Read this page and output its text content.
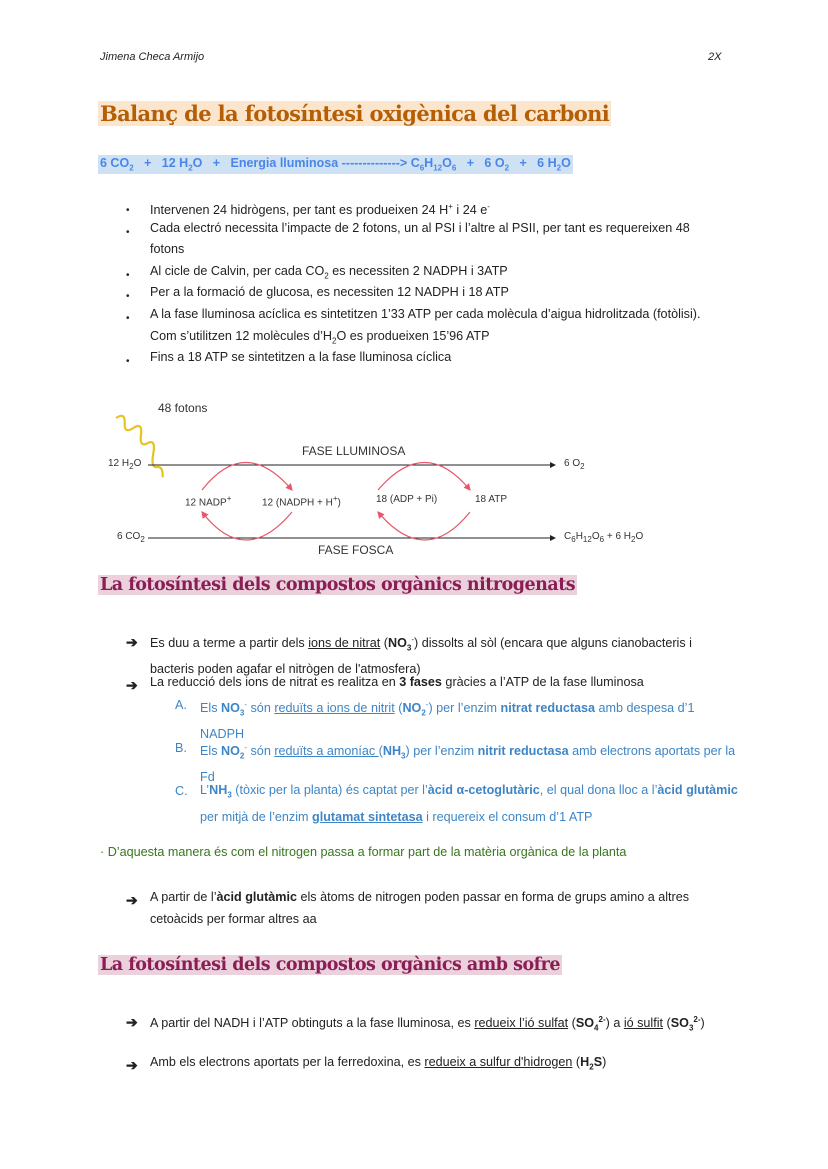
Jimena Checa Armijo	2X
Balanç de la fotosíntesi oxigènica del carboni
6 $CO_2 + 12$ $H_2O$   +   Energia lluminosa --------------> $C_6H_{12}O_6 + 6$ $O_2 + 6$ $H_2O$
• Intervenen 24 hidrògens, per tant es produeixen 24 H+ i 24 e-
• Cada electró necessita l’impacte de 2 fotons, un al PSI i l’altre al PSII, per tant es requereixen 48 fotons
• Al cicle de Calvin, per cada $CO_2$ es necessiten 2 NADPH i 3ATP
• Per a la formació de glucosa, es necessiten 12 NADPH i 18 ATP
• A la fase lluminosa acíclica es sintetitzen 1’33 ATP per cada molècula d’aigua hidrolitzada (fotòlisi). Com s’utilitzen 12 molècules $d’H_2O$ es produeixen 15’96 ATP
• Fins a 18 ATP se sintetitzen a la fase lluminosa cíclica
48 fotons
FASE LLUMINOSA
FASE FOSCA
12 $H_2O$	6 $O_2$
6 $CO_2$	$C_6H_{12}O_6 + 6$ $H_2O$
12 NADP+	12 (NADPH + H+)	18 (ADP + Pi)	18 ATP
La fotosíntesi dels compostos orgànics nitrogenats
➔ Es duu a terme a partir dels ions de nitrat $(NO_3^-)$ dissolts al sòl (encara que alguns cianobacteris i bacteris poden agafar el nitrògen de l'atmosfera)
➔ La reducció dels ions de nitrat es realitza en 3 fases gràcies a l’ATP de la fase lluminosa
A. Els $NO_3^-$ són reduïts a ions de nitrit $(NO_2^-)$ per l’enzim nitrat reductasa amb despesa d’1 NADPH
B. Els $NO_2^-$ són reduïts a amoníac $(NH_3)$ per l’enzim nitrit reductasa amb electrons aportats per la Fd
C. $L’NH_3$ (tòxic per la planta) és captat per l’àcid α-cetoglutàric, el qual dona lloc a l’àcid glutàmic per mitjà de l’enzim glutamat sintetasa i requereix el consum d’1 ATP
· D’aquesta manera és com el nitrogen passa a formar part de la matèria orgànica de la planta
➔ A partir de l’àcid glutàmic els àtoms de nitrogen poden passar en forma de grups amino a altres cetoàcids per formar altres aa
La fotosíntesi dels compostos orgànics amb sofre
➔ A partir del NADH i l’ATP obtinguts a la fase lluminosa, es redueix l’ió sulfat $(SO_4^{2-})$ a ió sulfit $(SO_3^{2-})$
➔ Amb els electrons aportats per la ferredoxina, es redueix a sulfur d'hidrogen $(H_2S)$
